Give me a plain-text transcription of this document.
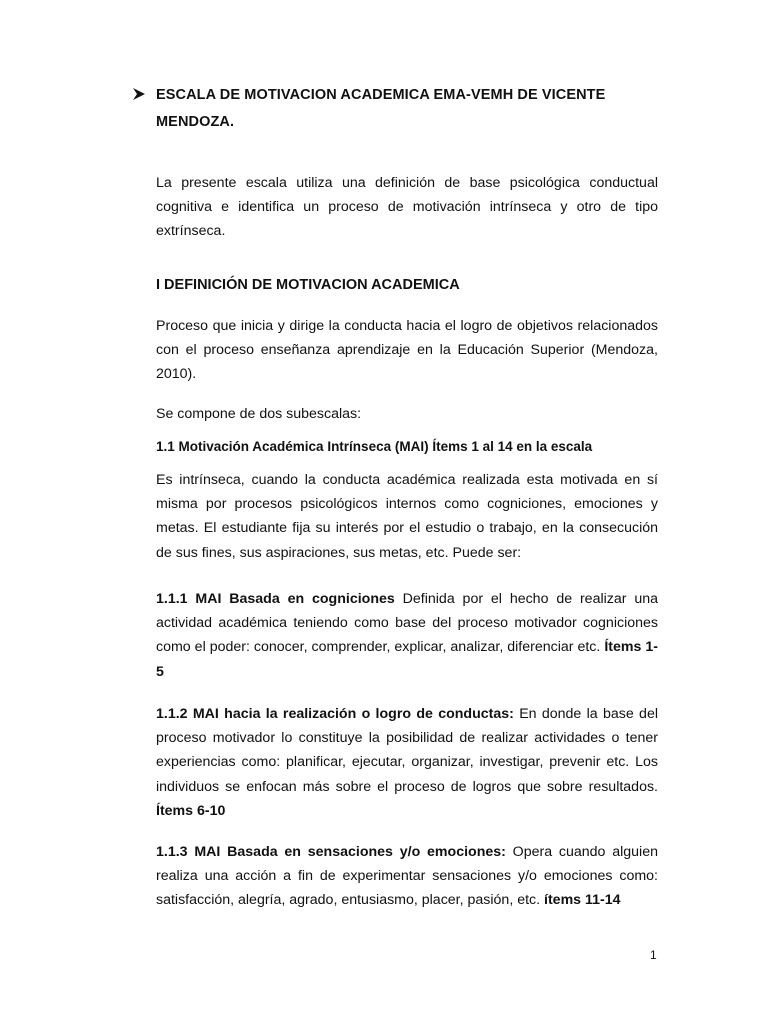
ESCALA DE MOTIVACION ACADEMICA EMA-VEMH DE VICENTE MENDOZA.
La presente escala utiliza una definición de base psicológica conductual cognitiva e identifica un proceso de motivación intrínseca y otro de tipo extrínseca.
I DEFINICIÓN DE MOTIVACION ACADEMICA
Proceso que inicia y dirige la conducta hacia el logro de objetivos relacionados con el proceso enseñanza aprendizaje en la Educación Superior (Mendoza, 2010).
Se compone de dos subescalas:
1.1 Motivación Académica Intrínseca (MAI) Ítems 1 al 14 en la escala
Es intrínseca, cuando la conducta académica realizada esta motivada en sí misma por procesos psicológicos internos como cogniciones, emociones y metas. El estudiante fija su interés por el estudio o trabajo, en la consecución de sus fines, sus aspiraciones, sus metas, etc. Puede ser:
1.1.1 MAI Basada en cogniciones Definida por el hecho de realizar una actividad académica teniendo como base del proceso motivador cogniciones como el poder: conocer, comprender, explicar, analizar, diferenciar etc. Ítems 1-5
1.1.2 MAI hacia la realización o logro de conductas: En donde la base del proceso motivador lo constituye la posibilidad de realizar actividades o tener experiencias como: planificar, ejecutar, organizar, investigar, prevenir etc. Los individuos se enfocan más sobre el proceso de logros que sobre resultados. Ítems 6-10
1.1.3 MAI Basada en sensaciones y/o emociones: Opera cuando alguien realiza una acción a fin de experimentar sensaciones y/o emociones como: satisfacción, alegría, agrado, entusiasmo, placer, pasión, etc. ítems 11-14
1
